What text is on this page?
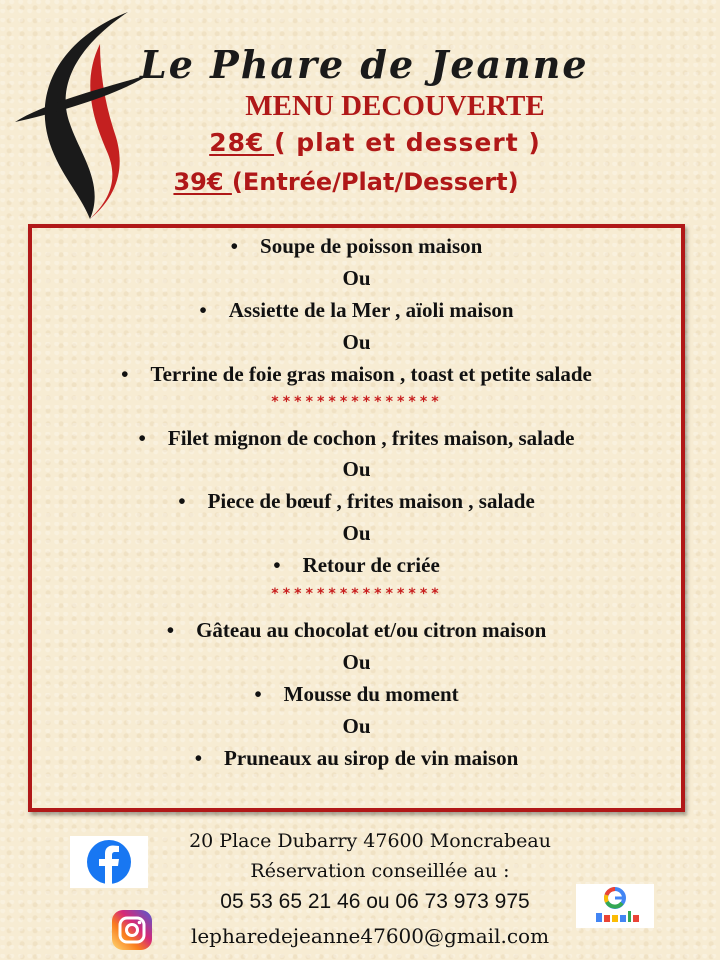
Le Phare de Jeanne
MENU DECOUVERTE
28€ ( plat et dessert )
39€ (Entrée/Plat/Dessert)
• Soupe de poisson maison
Ou
• Assiette de la Mer , aïoli maison
Ou
• Terrine de foie gras maison , toast et petite salade
***************
• Filet mignon de cochon , frites maison, salade
Ou
• Piece de bœuf , frites maison , salade
Ou
• Retour de criée
***************
• Gâteau au chocolat et/ou citron maison
Ou
• Mousse du moment
Ou
• Pruneaux au sirop de vin maison
20 Place Dubarry 47600 Moncrabeau
Réservation conseillée au :
05 53 65 21 46 ou 06 73 973 975
lepharedejeanne47600@gmail.com
